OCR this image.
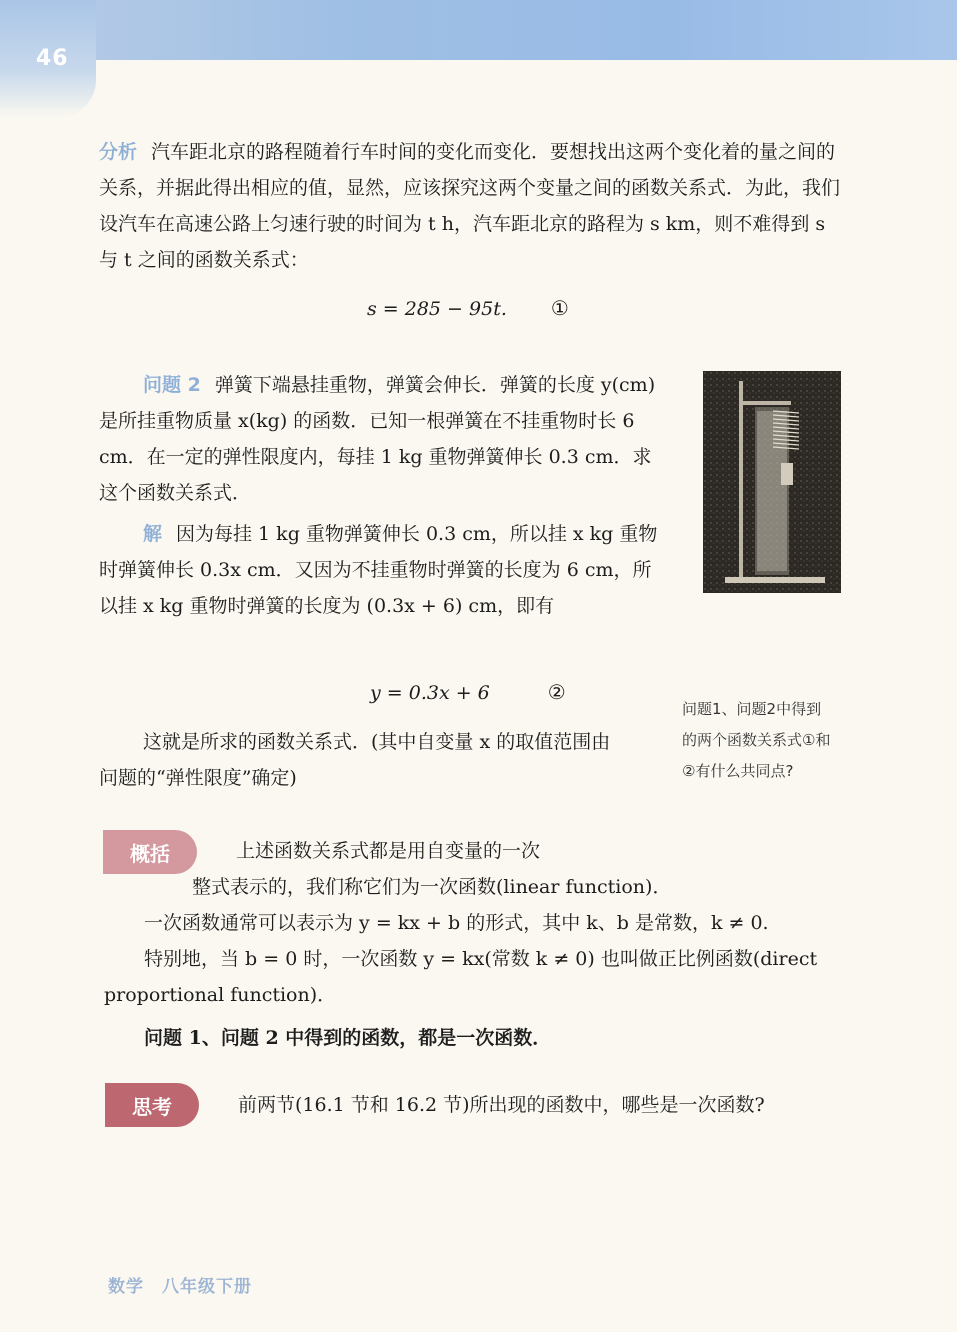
46

分析 汽车距北京的路程随着行车时间的变化而变化．要想找出这两个变化着的量之间的关系，并据此得出相应的值，显然，应该探究这两个变量之间的函数关系式．为此，我们设汽车在高速公路上匀速行驶的时间为 t h，汽车距北京的路程为 s km，则不难得到 s 与 t 之间的函数关系式：

s = 285 − 95t. ①

问题 2 弹簧下端悬挂重物，弹簧会伸长．弹簧的长度 y(cm) 是所挂重物质量 x(kg) 的函数．已知一根弹簧在不挂重物时长 6 cm．在一定的弹性限度内，每挂 1 kg 重物弹簧伸长 0.3 cm．求这个函数关系式．

解 因为每挂 1 kg 重物弹簧伸长 0.3 cm，所以挂 x kg 重物时弹簧伸长 0.3x cm．又因为不挂重物时弹簧的长度为 6 cm，所以挂 x kg 重物时弹簧的长度为 (0.3x + 6) cm，即有

y = 0.3x + 6	②

这就是所求的函数关系式．(其中自变量 x 的取值范围由问题的“弹性限度”确定)

问题1、问题2中得到的两个函数关系式①和②有什么共同点?

概括	上述函数关系式都是用自变量的一次
整式表示的，我们称它们为一次函数(linear function)．
一次函数通常可以表示为 y = kx + b 的形式，其中 k、b 是常数，k ≠ 0.

特别地，当 b = 0 时，一次函数 y = kx(常数 k ≠ 0) 也叫做正比例函数(direct proportional function)．

问题 1、问题 2 中得到的函数，都是一次函数．
思考	前两节(16.1 节和 16.2 节)所出现的函数中，哪些是一次函数?
数学　八年级下册
